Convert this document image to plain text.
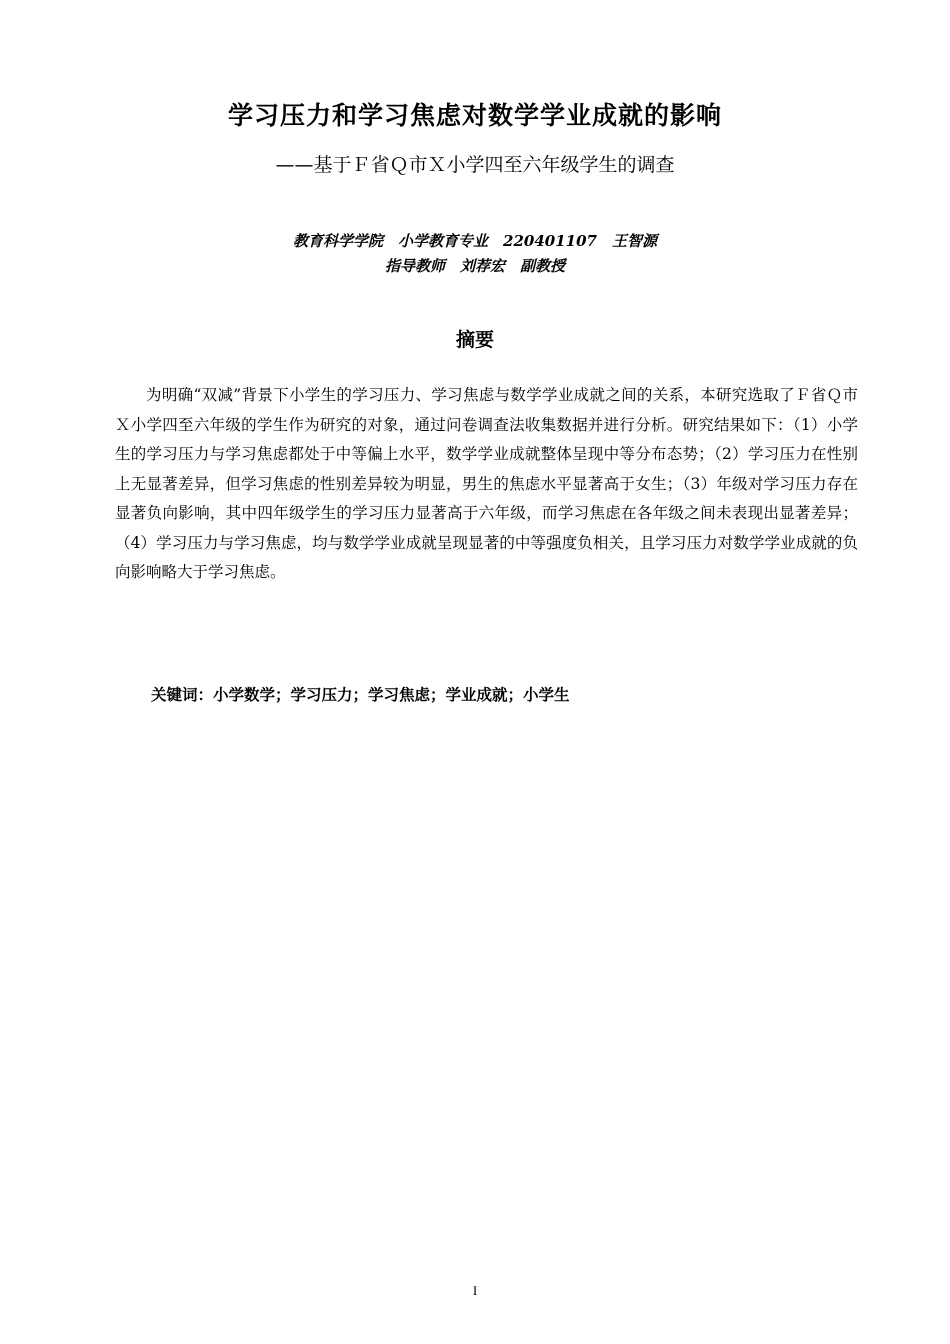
学习压力和学习焦虑对数学学业成就的影响
——基于Ｆ省Ｑ市Ｘ小学四至六年级学生的调查
教育科学学院　小学教育专业　220401107　王智源
指导教师　刘荐宏　副教授
摘要

为明确“双减”背景下小学生的学习压力、学习焦虑与数学学业成就之间的关系，本研究选取了Ｆ省Ｑ市Ｘ小学四至六年级的学生作为研究的对象，通过问卷调查法收集数据并进行分析。研究结果如下：（1）小学生的学习压力与学习焦虑都处于中等偏上水平，数学学业成就整体呈现中等分布态势；（2）学习压力在性别上无显著差异，但学习焦虑的性别差异较为明显，男生的焦虑水平显著高于女生；（3）年级对学习压力存在显著负向影响，其中四年级学生的学习压力显著高于六年级，而学习焦虑在各年级之间未表现出显著差异；（4）学习压力与学习焦虑，均与数学学业成就呈现显著的中等强度负相关，且学习压力对数学学业成就的负向影响略大于学习焦虑。

关键词：小学数学；学习压力；学习焦虑；学业成就；小学生
I
